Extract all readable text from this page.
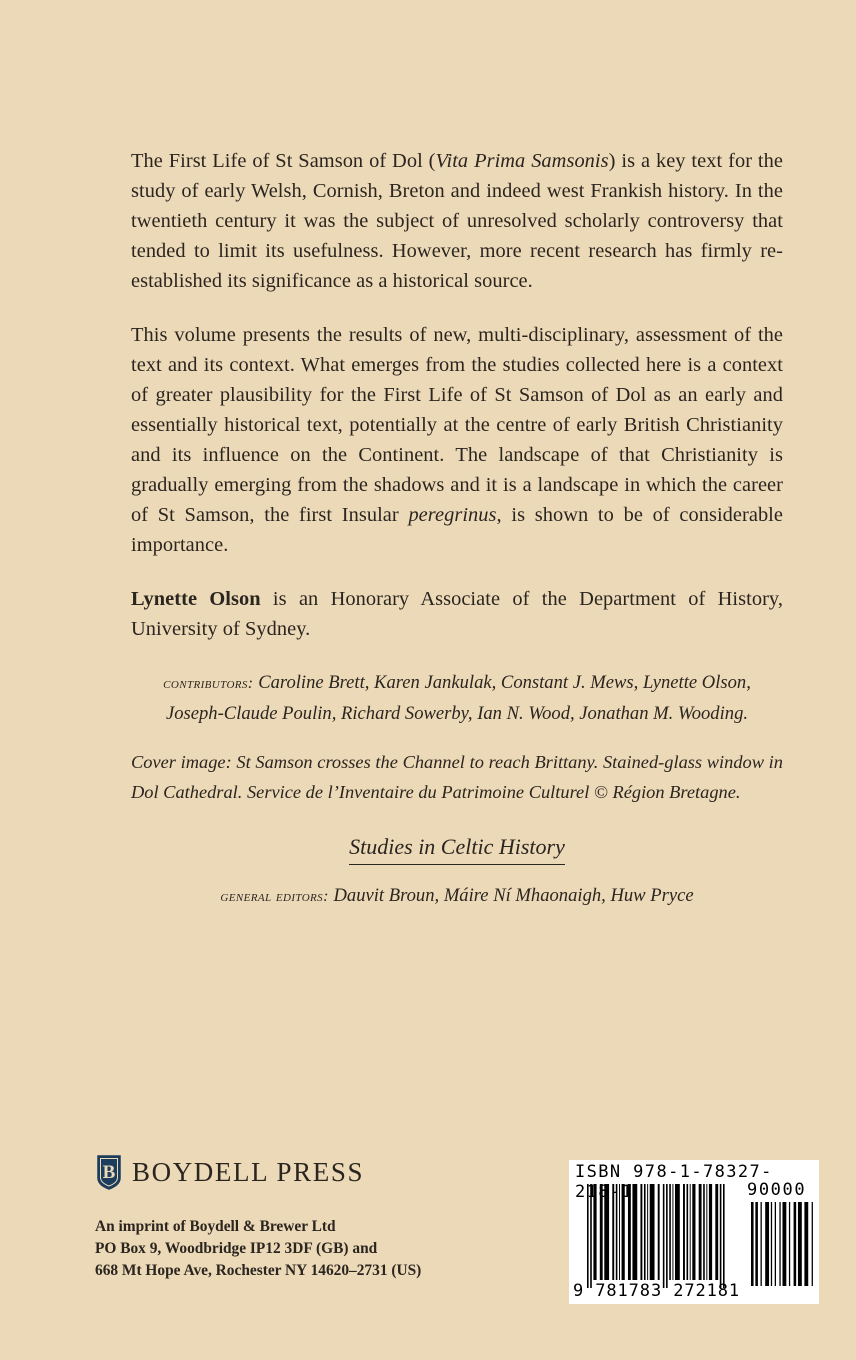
The First Life of St Samson of Dol (Vita Prima Samsonis) is a key text for the study of early Welsh, Cornish, Breton and indeed west Frankish history. In the twentieth century it was the subject of unresolved scholarly controversy that tended to limit its usefulness. However, more recent research has firmly re-established its significance as a historical source.

This volume presents the results of new, multi-disciplinary, assessment of the text and its context. What emerges from the studies collected here is a context of greater plausibility for the First Life of St Samson of Dol as an early and essentially historical text, potentially at the centre of early British Christianity and its influence on the Continent. The landscape of that Christianity is gradually emerging from the shadows and it is a landscape in which the career of St Samson, the first Insular peregrinus, is shown to be of considerable importance.

Lynette Olson is an Honorary Associate of the Department of History, University of Sydney.

contributors: Caroline Brett, Karen Jankulak, Constant J. Mews, Lynette Olson,
Joseph-Claude Poulin, Richard Sowerby, Ian N. Wood, Jonathan M. Wooding.
Cover image: St Samson crosses the Channel to reach Brittany. Stained-glass window in Dol Cathedral. Service de l’Inventaire du Patrimoine Culturel © Région Bretagne.
Studies in Celtic History
general editors: Dauvit Broun, Máire Ní Mhaonaigh, Huw Pryce
B BOYDELL PRESS
An imprint of Boydell & Brewer Ltd
PO Box 9, Woodbridge IP12 3DF (GB) and
668 Mt Hope Ave, Rochester NY 14620–2731 (US)
ISBN 978-1-78327-218-1	90000
9 781783 272181
